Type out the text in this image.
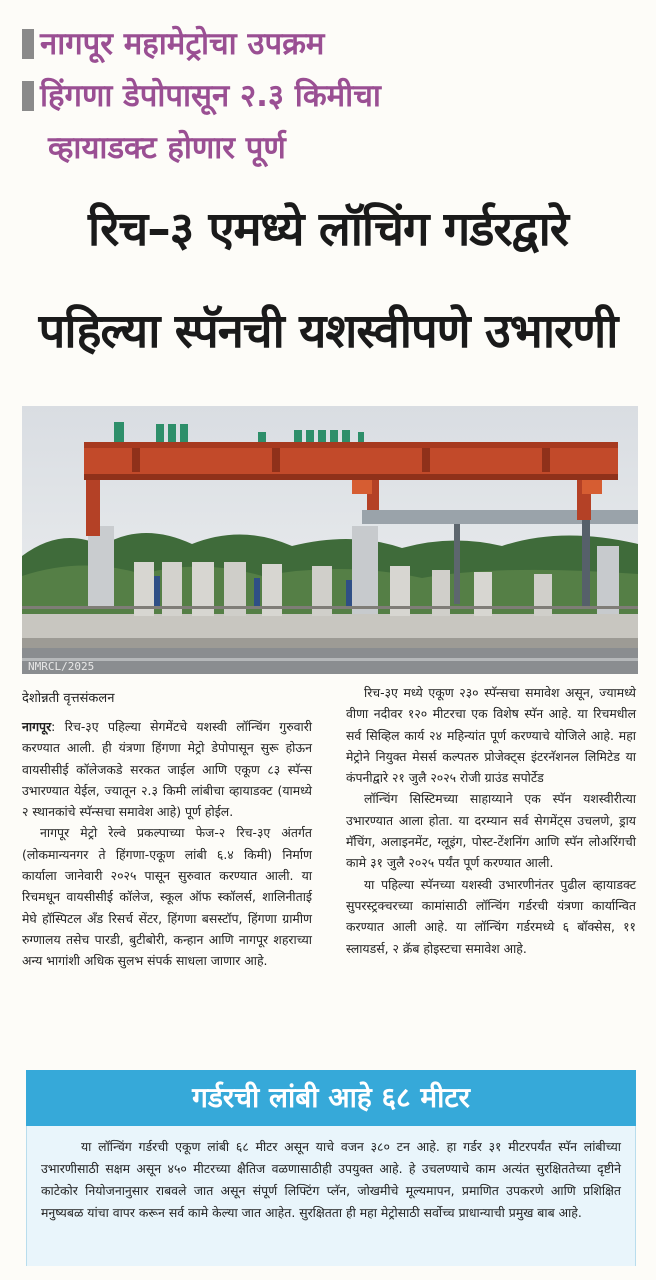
नागपूर महामेट्रोचा उपक्रम
हिंगणा डेपोपासून २.३ किमीचा
व्हायाडक्ट होणार पूर्ण
रिच–३ एमध्ये लॉचिंग गर्डरद्वारे
पहिल्या स्पॅनची यशस्वीपणे उभारणी
NMRCL/2025
देशोन्नती वृत्तसंकलन

नागपूर: रिच-३ए पहिल्या सेगमेंटचे यशस्वी लॉन्चिंग गुरुवारी करण्यात आली. ही यंत्रणा हिंगणा मेट्रो डेपोपासून सुरू होऊन वायसीसीई कॉलेजकडे सरकत जाईल आणि एकूण ८३ स्पॅन्स उभारण्यात येईल, ज्यातून २.३ किमी लांबीचा व्हायाडक्ट (यामध्ये २ स्थानकांचे स्पॅन्सचा समावेश आहे) पूर्ण होईल.

नागपूर मेट्रो रेल्वे प्रकल्पाच्या फेज-२ रिच-३ए अंतर्गत (लोकमान्यनगर ते हिंगणा-एकूण लांबी ६.४ किमी) निर्माण कार्याला जानेवारी २०२५ पासून सुरुवात करण्यात आली. या रिचमधून वायसीसीई कॉलेज, स्कूल ऑफ स्कॉलर्स, शालिनीताई मेघे हॉस्पिटल ॲंड रिसर्च सेंटर, हिंगणा बसस्टॉप, हिंगणा ग्रामीण रुग्णालय तसेच पारडी, बुटीबोरी, कन्हान आणि नागपूर शहराच्या अन्य भागांशी अधिक सुलभ संपर्क साधला जाणार आहे.

रिच-३ए मध्ये एकूण २३० स्पॅन्सचा समावेश असून, ज्यामध्ये वीणा नदीवर १२० मीटरचा एक विशेष स्पॅन आहे. या रिचमधील सर्व सिव्हिल कार्य २४ महिन्यांत पूर्ण करण्याचे योजिले आहे. महा मेट्रोने नियुक्त मेसर्स कल्पतरु प्रोजेक्ट्स इंटरनॅशनल लिमिटेड या कंपनीद्वारे २१ जुलै २०२५ रोजी ग्राउंड सपोर्टेड

लॉन्चिंग सिस्टिमच्या साहाय्याने एक स्पॅन यशस्वीरीत्या उभारण्यात आला होता. या दरम्यान सर्व सेगमेंट्स उचलणे, ड्राय मॅचिंग, अलाइनमेंट, ग्लूइंग, पोस्ट-टेंशनिंग आणि स्पॅन लोअरिंगची कामे ३१ जुलै २०२५ पर्यंत पूर्ण करण्यात आली.

या पहिल्या स्पॅनच्या यशस्वी उभारणीनंतर पुढील व्हायाडक्ट सुपरस्ट्रक्चरच्या कामांसाठी लॉन्चिंग गर्डरची यंत्रणा कार्यान्वित करण्यात आली आहे. या लॉन्चिंग गर्डरमध्ये ६ बॉक्सेस, ११ स्लायडर्स, २ क्रॅब होइस्टचा समावेश आहे.

गर्डरची लांबी आहे ६८ मीटर

या लॉन्चिंग गर्डरची एकूण लांबी ६८ मीटर असून याचे वजन ३८० टन आहे. हा गर्डर ३१ मीटरपर्यंत स्पॅन लांबीच्या उभारणीसाठी सक्षम असून ४५० मीटरच्या क्षैतिज वळणासाठीही उपयुक्त आहे. हे उचलण्याचे काम अत्यंत सुरक्षिततेच्या दृष्टीने काटेकोर नियोजनानुसार राबवले जात असून संपूर्ण लिफ्टिंग प्लॅन, जोखमीचे मूल्यमापन, प्रमाणित उपकरणे आणि प्रशिक्षित मनुष्यबळ यांचा वापर करून सर्व कामे केल्या जात आहेत. सुरक्षितता ही महा मेट्रोसाठी सर्वोच्च प्राधान्याची प्रमुख बाब आहे.
